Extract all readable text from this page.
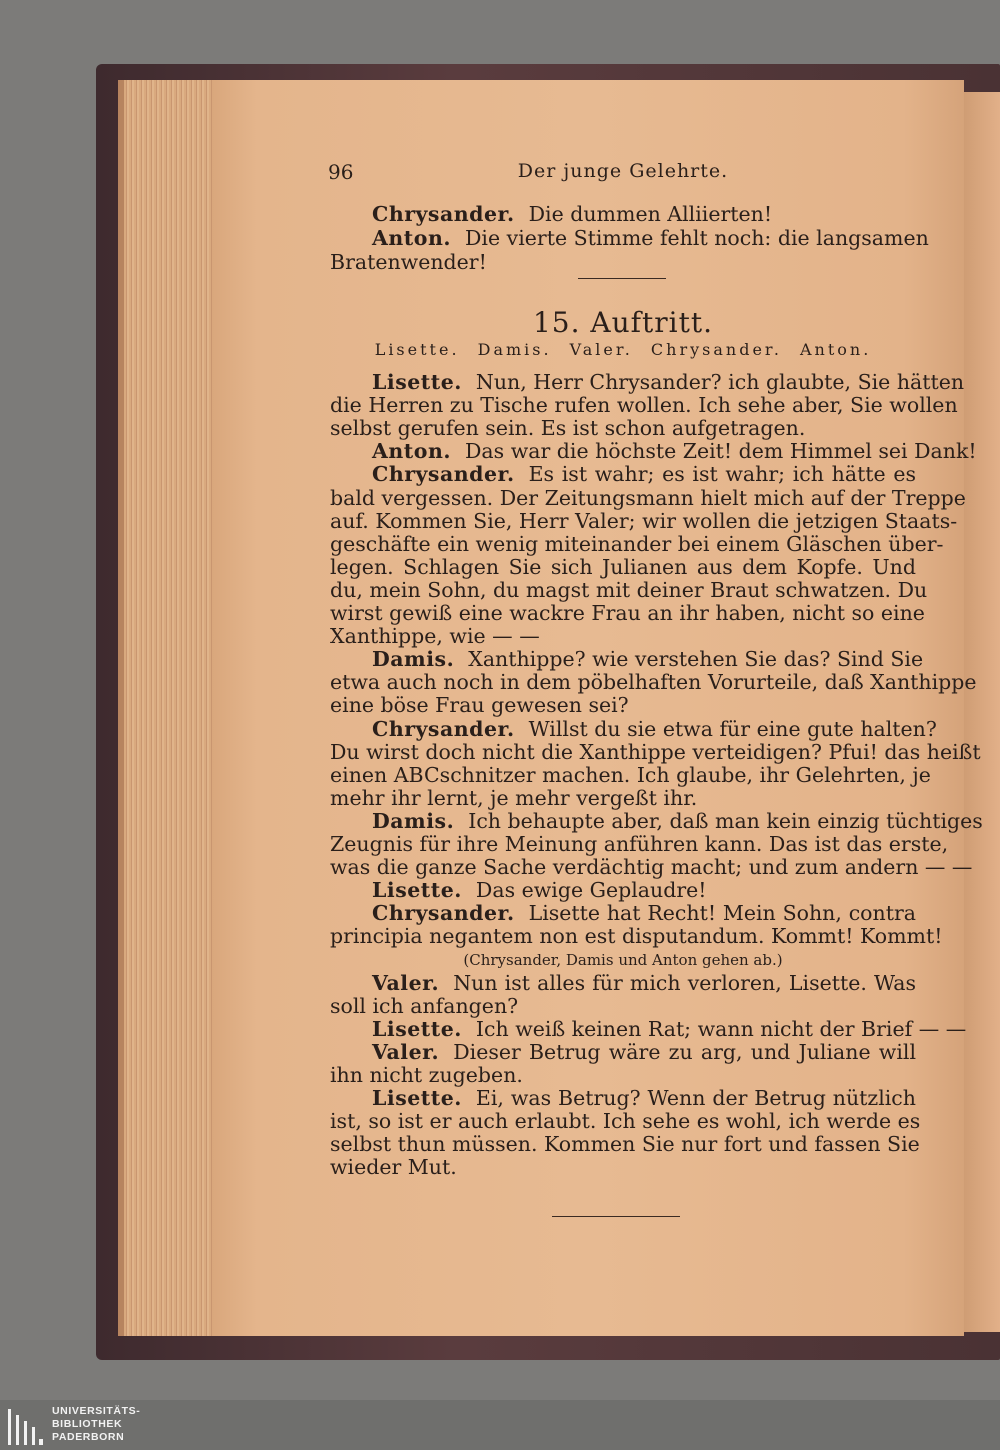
96	Der junge Gelehrte.
Chrysander. Die dummen Alliierten!
Anton. Die vierte Stimme fehlt noch: die langsamen
Bratenwender!
15. Auftritt.
Lisette. Damis. Valer. Chrysander. Anton.
Lisette. Nun, Herr Chrysander? ich glaubte, Sie hätten
die Herren zu Tische rufen wollen. Ich sehe aber, Sie wollen
selbst gerufen sein. Es ist schon aufgetragen.
Anton. Das war die höchste Zeit! dem Himmel sei Dank!
Chrysander. Es ist wahr; es ist wahr; ich hätte es
bald vergessen. Der Zeitungsmann hielt mich auf der Treppe
auf. Kommen Sie, Herr Valer; wir wollen die jetzigen Staats-
geschäfte ein wenig miteinander bei einem Gläschen über-
legen. Schlagen Sie sich Julianen aus dem Kopfe. Und
du, mein Sohn, du magst mit deiner Braut schwatzen. Du
wirst gewiß eine wackre Frau an ihr haben, nicht so eine
Xanthippe, wie — —
Damis. Xanthippe? wie verstehen Sie das? Sind Sie
etwa auch noch in dem pöbelhaften Vorurteile, daß Xanthippe
eine böse Frau gewesen sei?
Chrysander. Willst du sie etwa für eine gute halten?
Du wirst doch nicht die Xanthippe verteidigen? Pfui! das heißt
einen ABCschnitzer machen. Ich glaube, ihr Gelehrten, je
mehr ihr lernt, je mehr vergeßt ihr.
Damis. Ich behaupte aber, daß man kein einzig tüchtiges
Zeugnis für ihre Meinung anführen kann. Das ist das erste,
was die ganze Sache verdächtig macht; und zum andern — —
Lisette. Das ewige Geplaudre!
Chrysander. Lisette hat Recht! Mein Sohn, contra
principia negantem non est disputandum. Kommt! Kommt!
(Chrysander, Damis und Anton gehen ab.)
Valer. Nun ist alles für mich verloren, Lisette. Was
soll ich anfangen?
Lisette. Ich weiß keinen Rat; wann nicht der Brief — —
Valer. Dieser Betrug wäre zu arg, und Juliane will
ihn nicht zugeben.
Lisette. Ei, was Betrug? Wenn der Betrug nützlich
ist, so ist er auch erlaubt. Ich sehe es wohl, ich werde es
selbst thun müssen. Kommen Sie nur fort und fassen Sie
wieder Mut.
UNIVERSITÄTS-
BIBLIOTHEK
PADERBORN
